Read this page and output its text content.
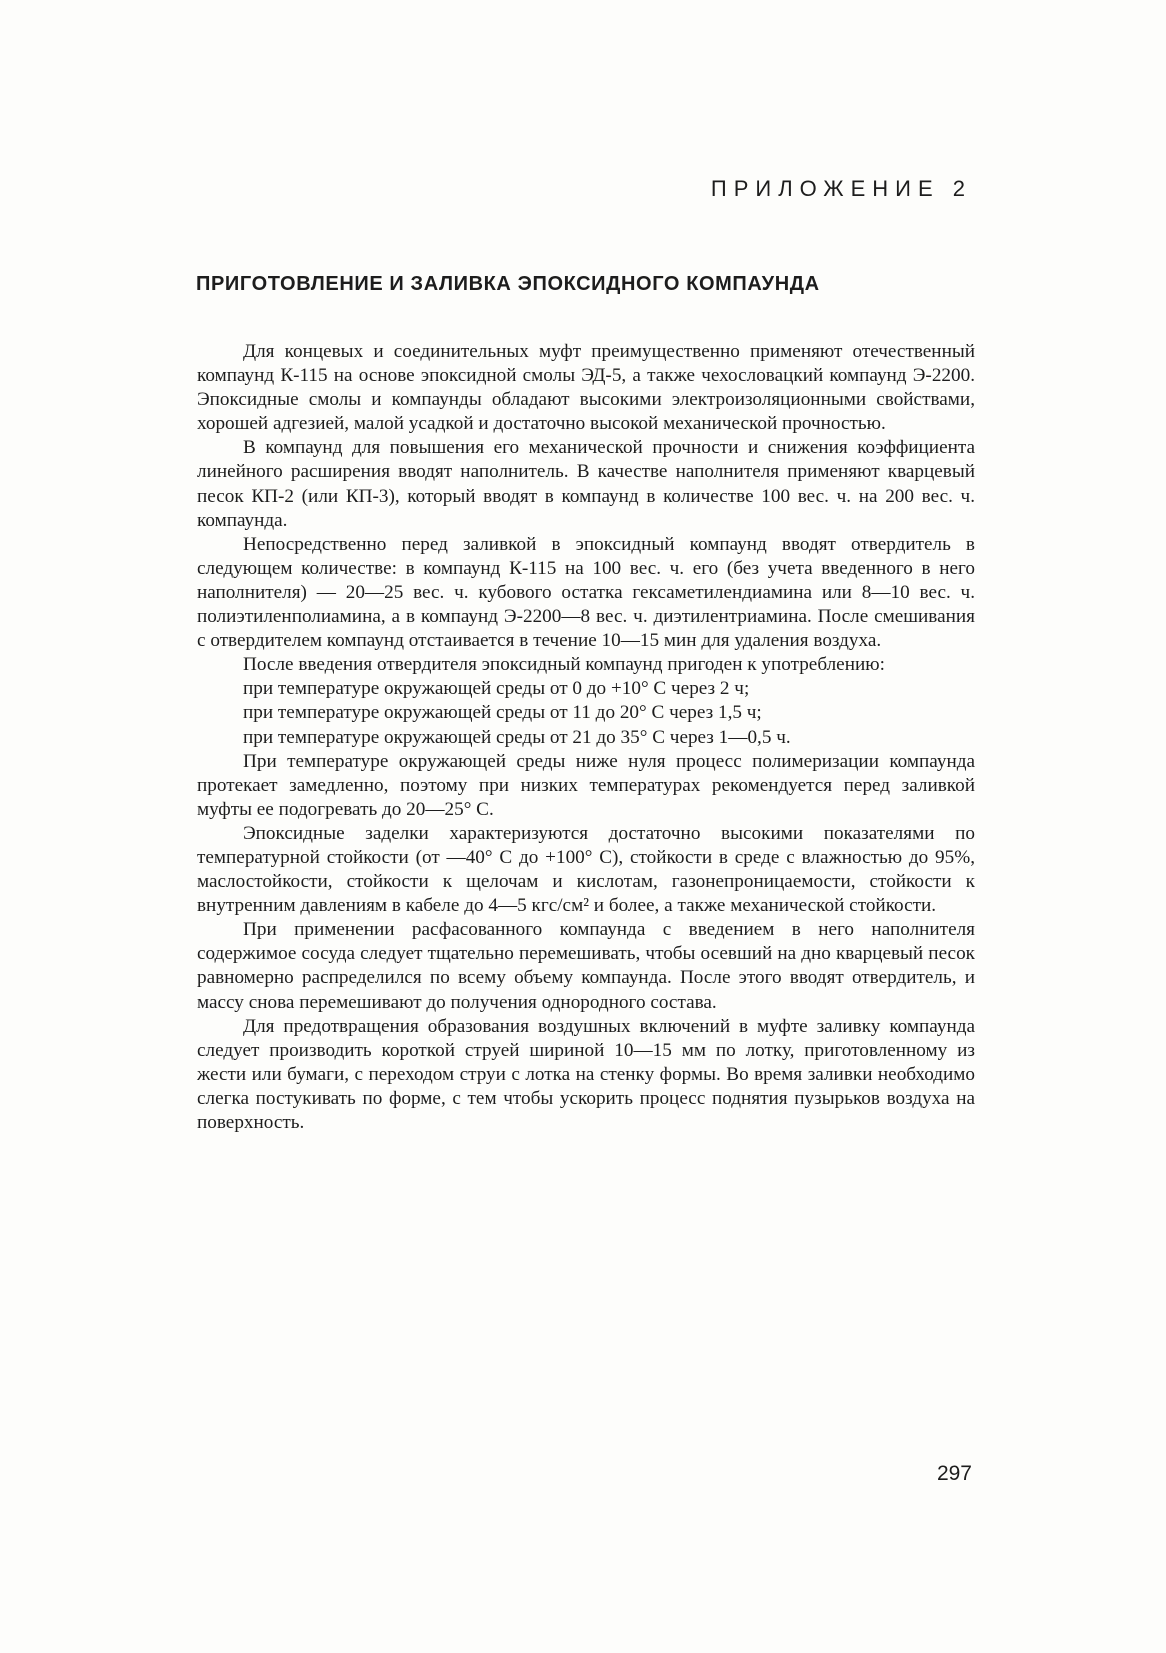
ПРИЛОЖЕНИЕ 2
ПРИГОТОВЛЕНИЕ И ЗАЛИВКА ЭПОКСИДНОГО КОМПАУНДА

Для концевых и соединительных муфт преимущественно применяют отечественный компаунд К-115 на основе эпоксидной смолы ЭД-5, а также чехословацкий компаунд Э-2200. Эпоксидные смолы и компаунды обладают высокими электроизоляционными свойствами, хорошей адгезией, малой усадкой и достаточно высокой механической прочностью.

В компаунд для повышения его механической прочности и снижения коэффициента линейного расширения вводят наполнитель. В качестве наполнителя применяют кварцевый песок КП-2 (или КП-3), который вводят в компаунд в количестве 100 вес. ч. на 200 вес. ч. компаунда.

Непосредственно перед заливкой в эпоксидный компаунд вводят отвердитель в следующем количестве: в компаунд К-115 на 100 вес. ч. его (без учета введенного в него наполнителя) — 20—25 вес. ч. кубового остатка гексаметилендиамина или 8—10 вес. ч. полиэтиленполиамина, а в компаунд Э-2200—8 вес. ч. диэтилентриамина. После смешивания с отвердителем компаунд отстаивается в течение 10—15 мин для удаления воздуха.

После введения отвердителя эпоксидный компаунд пригоден к употреблению:

при температуре окружающей среды от 0 до +10° С через 2 ч;

при температуре окружающей среды от 11 до 20° С через 1,5 ч;

при температуре окружающей среды от 21 до 35° С через 1—0,5 ч.

При температуре окружающей среды ниже нуля процесс полимеризации компаунда протекает замедленно, поэтому при низких температурах рекомендуется перед заливкой муфты ее подогревать до 20—25° С.

Эпоксидные заделки характеризуются достаточно высокими показателями по температурной стойкости (от —40° С до +100° С), стойкости в среде с влажностью до 95%, маслостойкости, стойкости к щелочам и кислотам, газонепроницаемости, стойкости к внутренним давлениям в кабеле до 4—5 кгс/см² и более, а также механической стойкости.

При применении расфасованного компаунда с введением в него наполнителя содержимое сосуда следует тщательно перемешивать, чтобы осевший на дно кварцевый песок равномерно распределился по всему объему компаунда. После этого вводят отвердитель, и массу снова перемешивают до получения однородного состава.

Для предотвращения образования воздушных включений в муфте заливку компаунда следует производить короткой струей шириной 10—15 мм по лотку, приготовленному из жести или бумаги, с переходом струи с лотка на стенку формы. Во время заливки необходимо слегка постукивать по форме, с тем чтобы ускорить процесс поднятия пузырьков воздуха на поверхность.

297
